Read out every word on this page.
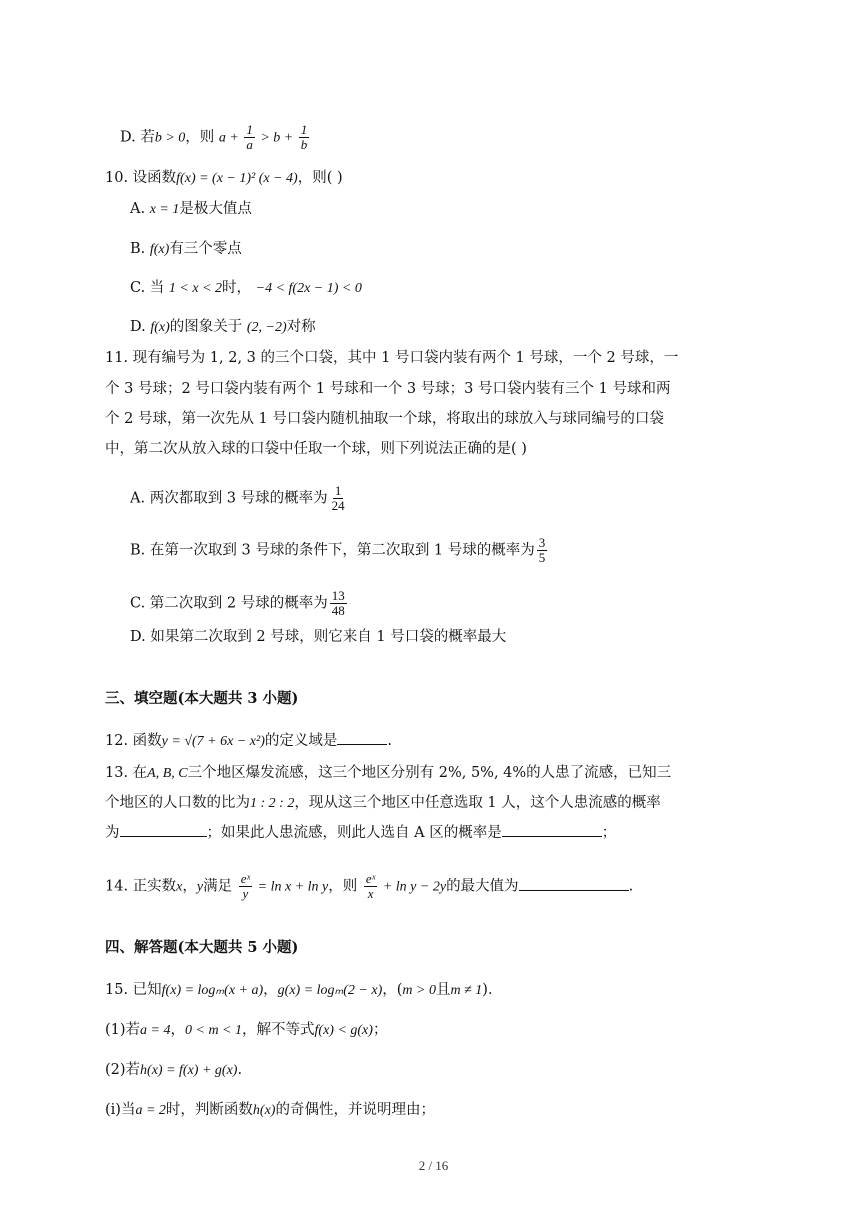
D. 若b > 0，则 $a + \frac{1}{a} > b + \frac{1}{b}$
10. 设函数f(x) = (x − 1)² (x − 4)，则( )
A. x = 1是极大值点
B. f(x)有三个零点
C. 当 1 < x < 2时， −4 < f(2x − 1) < 0
D. f(x)的图象关于 (2, −2)对称
11. 现有编号为 1, 2, 3 的三个口袋，其中 1 号口袋内装有两个 1 号球，一个 2 号球，一
个 3 号球；2 号口袋内装有两个 1 号球和一个 3 号球；3 号口袋内装有三个 1 号球和两
个 2 号球，第一次先从 1 号口袋内随机抽取一个球，将取出的球放入与球同编号的口袋
中，第二次从放入球的口袋中任取一个球，则下列说法正确的是( )
A. 两次都取到 3 号球的概率为 $\frac{1}{24}$
B. 在第一次取到 3 号球的条件下，第二次取到 1 号球的概率为 $\frac{3}{5}$
C. 第二次取到 2 号球的概率为 $\frac{13}{48}$
D. 如果第二次取到 2 号球，则它来自 1 号口袋的概率最大
三、填空题(本大题共 3 小题)
12. 函数y = √(7 + 6x − x²)的定义域是	.
13. 在A, B, C三个地区爆发流感，这三个地区分别有 2%, 5%, 4%的人患了流感，已知三
个地区的人口数的比为1 : 2 : 2，现从这三个地区中任意选取 1 人，这个人患流感的概率
为	；如果此人患流感，则此人选自 A 区的概率是	；
14. 正实数x，y满足 $\frac{\text{eˣ}}{y} = \ln x + \ln y$，则 $\frac{\text{eˣ}}{x} + \ln y - 2y$的最大值为	.
四、解答题(本大题共 5 小题)
15. 已知f(x) = logₘ(x + a)，g(x) = logₘ(2 − x)，(m > 0且m ≠ 1)．
(1)若a = 4，0 < m < 1，解不等式f(x) < g(x)；
(2)若h(x) = f(x) + g(x).
(i)当a = 2时，判断函数h(x)的奇偶性，并说明理由；
2 / 16
